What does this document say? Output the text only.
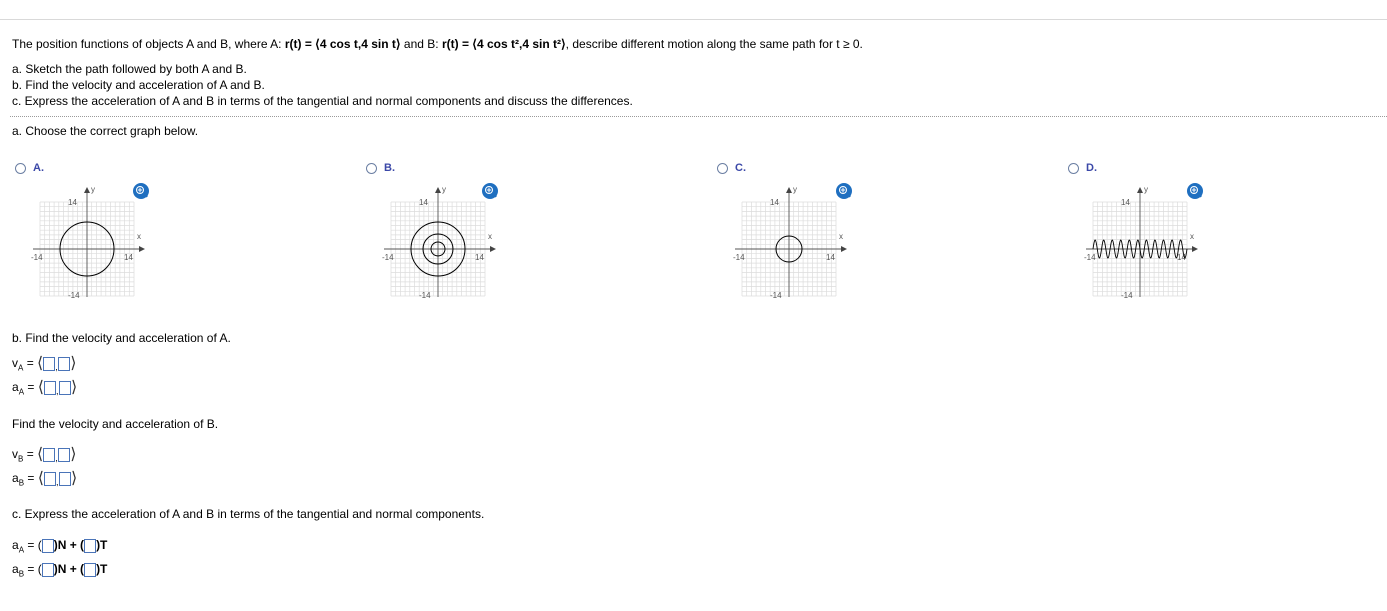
The position functions of objects A and B, where A: r(t) = ⟨4 cos t,4 sin t⟩ and B: r(t) = ⟨4 cos t²,4 sin t²⟩, describe different motion along the same path for t ≥ 0.
a. Sketch the path followed by both A and B.
b. Find the velocity and acceleration of A and B.
c. Express the acceleration of A and B in terms of the tangential and normal components and discuss the differences.
a. Choose the correct graph below.
A.	B.	C.	D.
+	+	+	+
14
-14
-14	14
y
x
14
-14
-14	14
y
x
14
-14
-14	14
y
x
14
-14
-14	14
y
x
b. Find the velocity and acceleration of A.
$v_A$ = ⟨ , ⟩
$a_A$ = ⟨ , ⟩
Find the velocity and acceleration of B.
$v_B$ = ⟨ , ⟩
$a_B$ = ⟨ , ⟩
c. Express the acceleration of A and B in terms of the tangential and normal components.
$a_A$ = ( )N + ( )T
$a_B$ = ( )N + ( )T
